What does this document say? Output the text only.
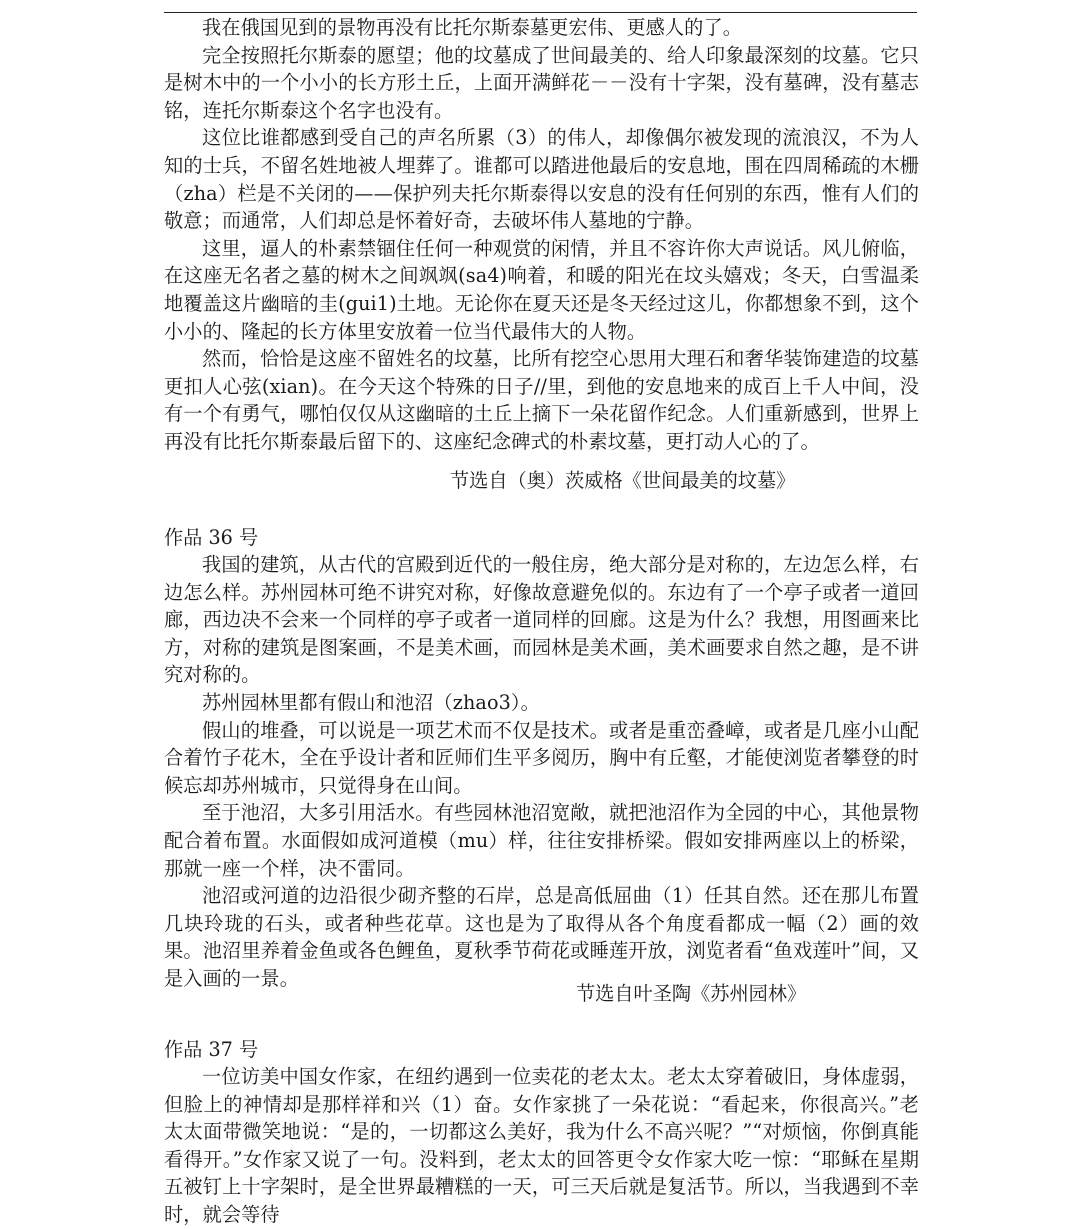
我在俄国见到的景物再没有比托尔斯泰墓更宏伟、更感人的了。

完全按照托尔斯泰的愿望；他的坟墓成了世间最美的、给人印象最深刻的坟墓。它只是树木中的一个小小的长方形土丘，上面开满鲜花－－没有十字架，没有墓碑，没有墓志铭，连托尔斯泰这个名字也没有。

这位比谁都感到受自己的声名所累（3）的伟人，却像偶尔被发现的流浪汉，不为人知的士兵，不留名姓地被人埋葬了。谁都可以踏进他最后的安息地，围在四周稀疏的木栅（zha）栏是不关闭的——保护列夫托尔斯泰得以安息的没有任何别的东西，惟有人们的敬意；而通常，人们却总是怀着好奇，去破坏伟人墓地的宁静。

这里，逼人的朴素禁锢住任何一种观赏的闲情，并且不容许你大声说话。风儿俯临，在这座无名者之墓的树木之间飒飒(sa4)响着，和暖的阳光在坟头嬉戏；冬天，白雪温柔地覆盖这片幽暗的圭(gui1)土地。无论你在夏天还是冬天经过这儿，你都想象不到，这个小小的、隆起的长方体里安放着一位当代最伟大的人物。

然而，恰恰是这座不留姓名的坟墓，比所有挖空心思用大理石和奢华装饰建造的坟墓更扣人心弦(xian)。在今天这个特殊的日子//里，到他的安息地来的成百上千人中间，没有一个有勇气，哪怕仅仅从这幽暗的土丘上摘下一朵花留作纪念。人们重新感到，世界上再没有比托尔斯泰最后留下的、这座纪念碑式的朴素坟墓，更打动人心的了。

节选自（奥）茨威格《世间最美的坟墓》

作品 36 号

我国的建筑，从古代的宫殿到近代的一般住房，绝大部分是对称的，左边怎么样，右边怎么样。苏州园林可绝不讲究对称，好像故意避免似的。东边有了一个亭子或者一道回廊，西边决不会来一个同样的亭子或者一道同样的回廊。这是为什么？我想，用图画来比方，对称的建筑是图案画，不是美术画，而园林是美术画，美术画要求自然之趣，是不讲究对称的。

苏州园林里都有假山和池沼（zhao3）。

假山的堆叠，可以说是一项艺术而不仅是技术。或者是重峦叠嶂，或者是几座小山配合着竹子花木，全在乎设计者和匠师们生平多阅历，胸中有丘壑，才能使浏览者攀登的时候忘却苏州城市，只觉得身在山间。

至于池沼，大多引用活水。有些园林池沼宽敞，就把池沼作为全园的中心，其他景物配合着布置。水面假如成河道模（mu）样，往往安排桥梁。假如安排两座以上的桥梁，那就一座一个样，决不雷同。

池沼或河道的边沿很少砌齐整的石岸，总是高低屈曲（1）任其自然。还在那儿布置几块玲珑的石头，或者种些花草。这也是为了取得从各个角度看都成一幅（2）画的效果。池沼里养着金鱼或各色鲤鱼，夏秋季节荷花或睡莲开放，浏览者看“鱼戏莲叶”间，又是入画的一景。

节选自叶圣陶《苏州园林》

作品 37 号

一位访美中国女作家，在纽约遇到一位卖花的老太太。老太太穿着破旧，身体虚弱，但脸上的神情却是那样祥和兴（1）奋。女作家挑了一朵花说：“看起来，你很高兴。”老太太面带微笑地说：“是的，一切都这么美好，我为什么不高兴呢？”“对烦恼，你倒真能看得开。”女作家又说了一句。没料到，老太太的回答更令女作家大吃一惊：“耶稣在星期五被钉上十字架时，是全世界最糟糕的一天，可三天后就是复活节。所以，当我遇到不幸时，就会等待
